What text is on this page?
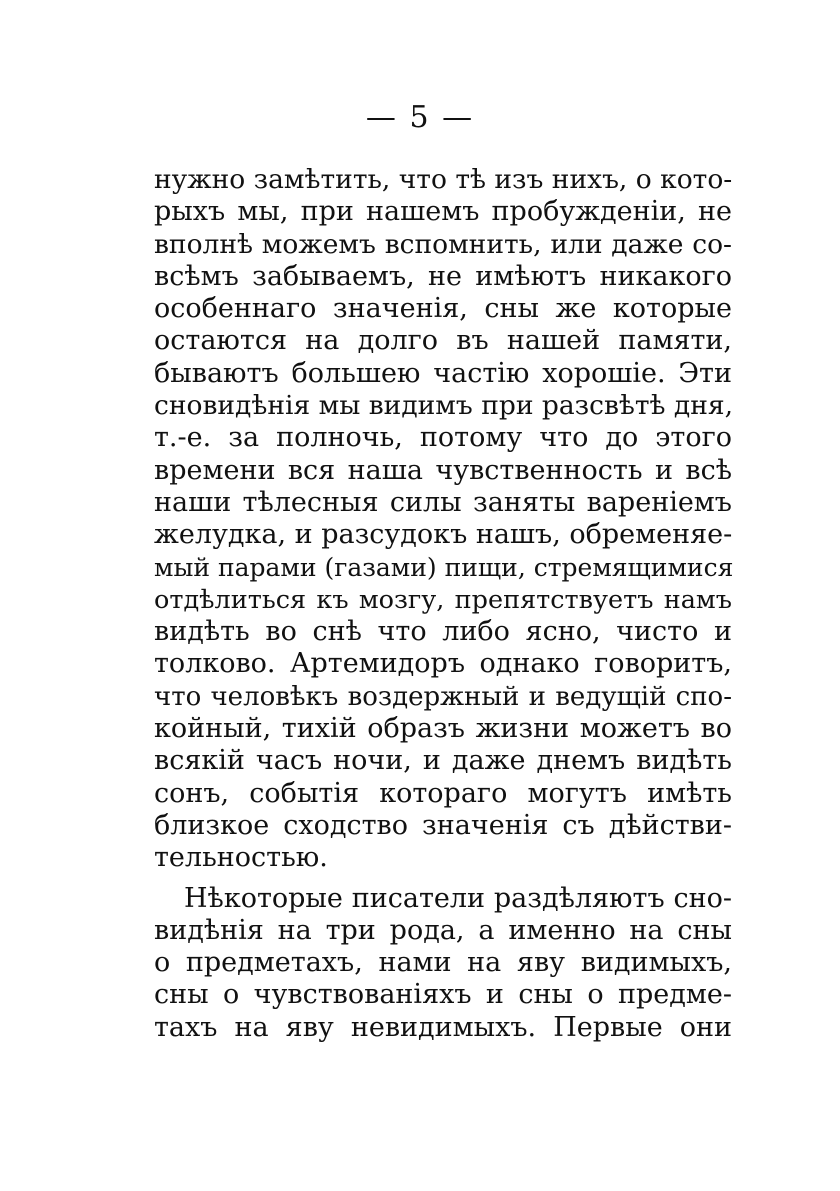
— 5 —
нужно замѣтить, что тѣ изъ нихъ, о кото-
рыхъ мы, при нашемъ пробужденіи, не
вполнѣ можемъ вспомнить, или даже со-
всѣмъ забываемъ, не имѣютъ никакого
особеннаго значенія, сны же которые
остаются на долго въ нашей памяти,
бываютъ большею частію хорошіе. Эти
сновидѣнія мы видимъ при разсвѣтѣ дня,
т.-е. за полночь, потому что до этого
времени вся наша чувственность и всѣ
наши тѣлесныя силы заняты вареніемъ
желудка, и разсудокъ нашъ, обременяе-
мый парами (газами) пищи, стремящимися
отдѣлиться къ мозгу, препятствуетъ намъ
видѣть во снѣ что либо ясно, чисто и
толково. Артемидоръ однако говоритъ,
что человѣкъ воздержный и ведущій спо-
койный, тихій образъ жизни можетъ во
всякій часъ ночи, и даже днемъ видѣть
сонъ, событія котораго могутъ имѣть
близкое сходство значенія съ дѣйстви-
тельностью.
Нѣкоторые писатели раздѣляютъ сно-
видѣнія на три рода, а именно на сны
о предметахъ, нами на яву видимыхъ,
сны о чувствованіяхъ и сны о предме-
тахъ на яву невидимыхъ. Первые они
